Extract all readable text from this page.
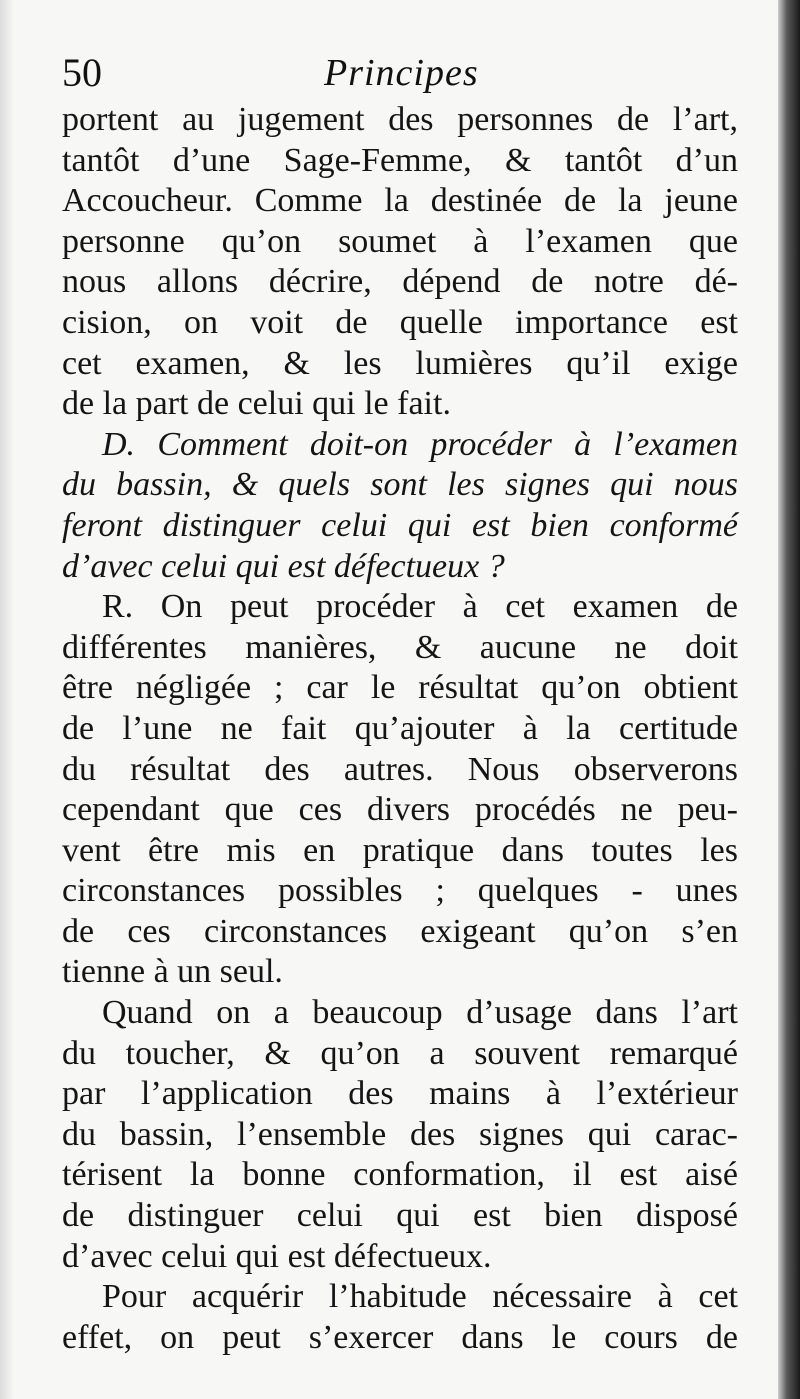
50	Principes
portent au jugement des personnes de l’art,
tantôt d’une Sage-Femme, & tantôt d’un
Accoucheur. Comme la destinée de la jeune
personne qu’on soumet à l’examen que
nous allons décrire, dépend de notre dé-
cision, on voit de quelle importance est
cet examen, & les lumières qu’il exige
de la part de celui qui le fait.
D. Comment doit-on procéder à l’examen
du bassin, & quels sont les signes qui nous
feront distinguer celui qui est bien conformé
d’avec celui qui est défectueux ?
R. On peut procéder à cet examen de
différentes manières, & aucune ne doit
être négligée ; car le résultat qu’on obtient
de l’une ne fait qu’ajouter à la certitude
du résultat des autres. Nous observerons
cependant que ces divers procédés ne peu-
vent être mis en pratique dans toutes les
circonstances possibles ; quelques - unes
de ces circonstances exigeant qu’on s’en
tienne à un seul.
Quand on a beaucoup d’usage dans l’art
du toucher, & qu’on a souvent remarqué
par l’application des mains à l’extérieur
du bassin, l’ensemble des signes qui carac-
térisent la bonne conformation, il est aisé
de distinguer celui qui est bien disposé
d’avec celui qui est défectueux.
Pour acquérir l’habitude nécessaire à cet
effet, on peut s’exercer dans le cours de
